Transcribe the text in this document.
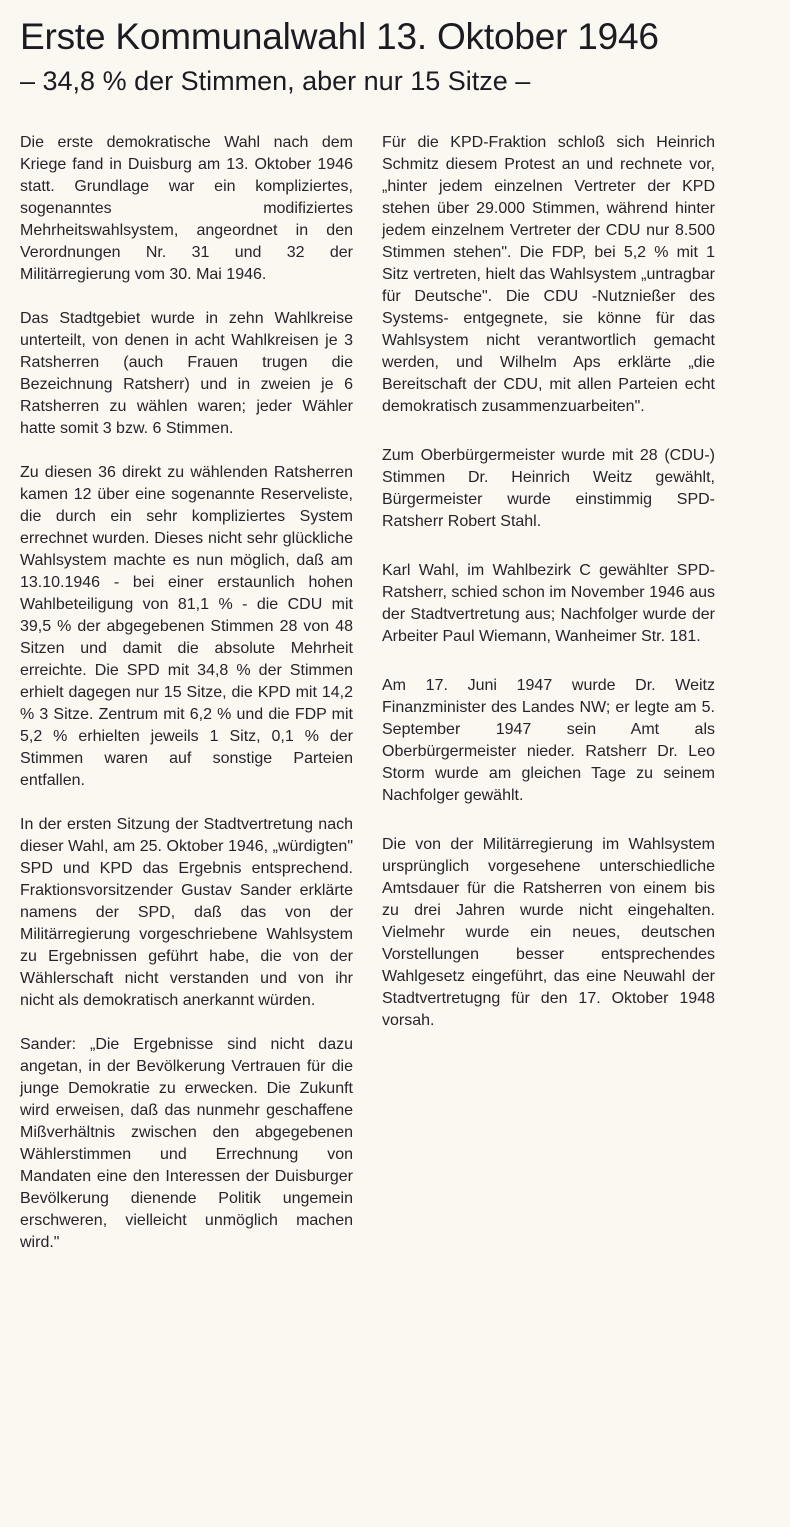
Erste Kommunalwahl 13. Oktober 1946
– 34,8 % der Stimmen, aber nur 15 Sitze –

Die erste demokratische Wahl nach dem Kriege fand in Duisburg am 13. Oktober 1946 statt. Grundlage war ein kompliziertes, sogenanntes modifiziertes Mehrheitswahlsystem, angeordnet in den Verordnungen Nr. 31 und 32 der Militärregierung vom 30. Mai 1946.

Das Stadtgebiet wurde in zehn Wahlkreise unterteilt, von denen in acht Wahlkreisen je 3 Ratsherren (auch Frauen trugen die Bezeichnung Ratsherr) und in zweien je 6 Ratsherren zu wählen waren; jeder Wähler hatte somit 3 bzw. 6 Stimmen.

Zu diesen 36 direkt zu wählenden Ratsherren kamen 12 über eine sogenannte Reserveliste, die durch ein sehr kompliziertes System errechnet wurden. Dieses nicht sehr glückliche Wahlsystem machte es nun möglich, daß am 13.10.1946 - bei einer erstaunlich hohen Wahlbeteiligung von 81,1 % - die CDU mit 39,5 % der abgegebenen Stimmen 28 von 48 Sitzen und damit die absolute Mehrheit erreichte. Die SPD mit 34,8 % der Stimmen erhielt dagegen nur 15 Sitze, die KPD mit 14,2 % 3 Sitze. Zentrum mit 6,2 % und die FDP mit 5,2 % erhielten jeweils 1 Sitz, 0,1 % der Stimmen waren auf sonstige Parteien entfallen.

In der ersten Sitzung der Stadtvertretung nach dieser Wahl, am 25. Oktober 1946, „würdigten" SPD und KPD das Ergebnis entsprechend. Fraktionsvorsitzender Gustav Sander erklärte namens der SPD, daß das von der Militärregierung vorgeschriebene Wahlsystem zu Ergebnissen geführt habe, die von der Wählerschaft nicht verstanden und von ihr nicht als demokratisch anerkannt würden.

Sander: „Die Ergebnisse sind nicht dazu angetan, in der Bevölkerung Vertrauen für die junge Demokratie zu erwecken. Die Zukunft wird erweisen, daß das nunmehr geschaffene Mißverhältnis zwischen den abgegebenen Wählerstimmen und Errechnung von Mandaten eine den Interessen der Duisburger Bevölkerung dienende Politik ungemein erschweren, vielleicht unmöglich machen wird."

Für die KPD-Fraktion schloß sich Heinrich Schmitz diesem Protest an und rechnete vor, „hinter jedem einzelnen Vertreter der KPD stehen über 29.000 Stimmen, während hinter jedem einzelnem Vertreter der CDU nur 8.500 Stimmen stehen". Die FDP, bei 5,2 % mit 1 Sitz vertreten, hielt das Wahlsystem „untragbar für Deutsche". Die CDU -Nutznießer des Systems- entgegnete, sie könne für das Wahlsystem nicht verantwortlich gemacht werden, und Wilhelm Aps erklärte „die Bereitschaft der CDU, mit allen Parteien echt demokratisch zusammenzuarbeiten".

Zum Oberbürgermeister wurde mit 28 (CDU-) Stimmen Dr. Heinrich Weitz gewählt, Bürgermeister wurde einstimmig SPD-Ratsherr Robert Stahl.

Karl Wahl, im Wahlbezirk C gewählter SPD-Ratsherr, schied schon im November 1946 aus der Stadtvertretung aus; Nachfolger wurde der Arbeiter Paul Wiemann, Wanheimer Str. 181.

Am 17. Juni 1947 wurde Dr. Weitz Finanzminister des Landes NW; er legte am 5. September 1947 sein Amt als Oberbürgermeister nieder. Ratsherr Dr. Leo Storm wurde am gleichen Tage zu seinem Nachfolger gewählt.

Die von der Militärregierung im Wahlsystem ursprünglich vorgesehene unterschiedliche Amtsdauer für die Ratsherren von einem bis zu drei Jahren wurde nicht eingehalten. Vielmehr wurde ein neues, deutschen Vorstellungen besser entsprechendes Wahlgesetz eingeführt, das eine Neuwahl der Stadtvertretugng für den 17. Oktober 1948 vorsah.
